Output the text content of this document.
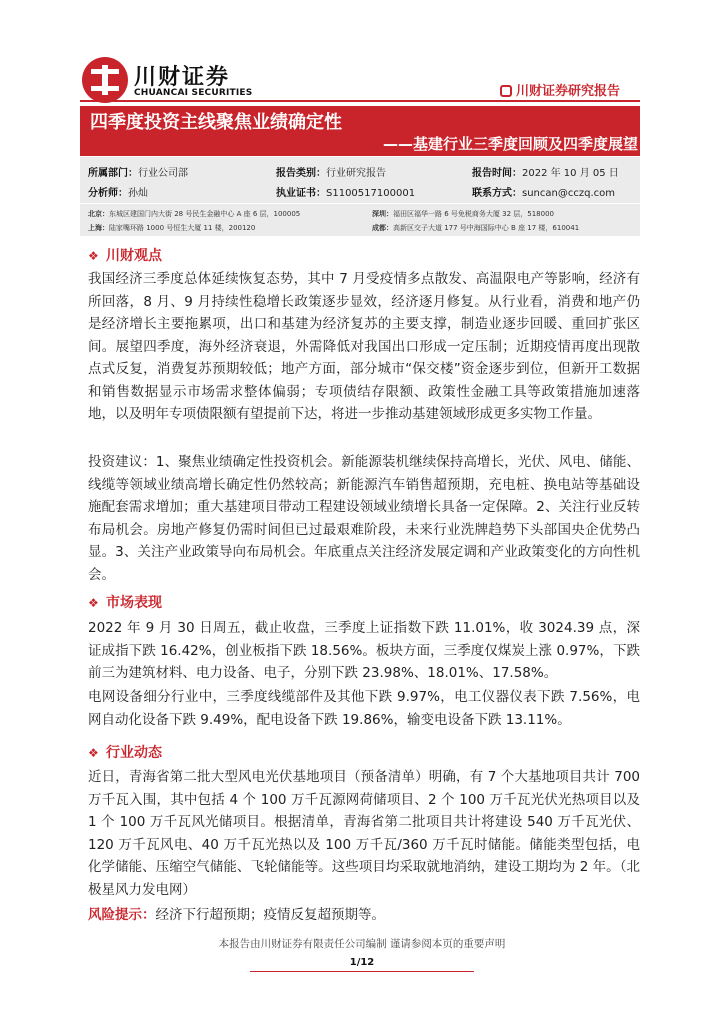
川财证券
CHUANCAI SECURITIES	川财证券研究报告
四季度投资主线聚焦业绩确定性
——基建行业三季度回顾及四季度展望
所属部门：行业公司部	报告类别：行业研究报告	报告时间：2022 年 10 月 05 日
分析师：孙灿	执业证书：S1100517100001	联系方式：suncan@cczq.com
北京：东城区建国门内大街 28 号民生金融中心 A 座 6 层，100005	深圳：福田区福华一路 6 号免税商务大厦 32 层，518000
上海：陆家嘴环路 1000 号恒生大厦 11 楼，200120	成都：高新区交子大道 177 号中海国际中心 B 座 17 楼，610041
❖ 川财观点
我国经济三季度总体延续恢复态势，其中 7 月受疫情多点散发、高温限电产等影响，经济有所回落，8 月、9 月持续性稳增长政策逐步显效，经济逐月修复。从行业看，消费和地产仍是经济增长主要拖累项，出口和基建为经济复苏的主要支撑，制造业逐步回暖、重回扩张区间。展望四季度，海外经济衰退，外需降低对我国出口形成一定压制；近期疫情再度出现散点式反复，消费复苏预期较低；地产方面，部分城市“保交楼”资金逐步到位，但新开工数据和销售数据显示市场需求整体偏弱；专项债结存限额、政策性金融工具等政策措施加速落地，以及明年专项债限额有望提前下达，将进一步推动基建领域形成更多实物工作量。
投资建议：1、聚焦业绩确定性投资机会。新能源装机继续保持高增长，光伏、风电、储能、线缆等领域业绩高增长确定性仍然较高；新能源汽车销售超预期，充电桩、换电站等基础设施配套需求增加；重大基建项目带动工程建设领域业绩增长具备一定保障。2、关注行业反转布局机会。房地产修复仍需时间但已过最艰难阶段，未来行业洗牌趋势下头部国央企优势凸显。3、关注产业政策导向布局机会。年底重点关注经济发展定调和产业政策变化的方向性机会。
❖ 市场表现
2022 年 9 月 30 日周五，截止收盘，三季度上证指数下跌 11.01%，收 3024.39 点，深证成指下跌 16.42%，创业板指下跌 18.56%。板块方面，三季度仅煤炭上涨 0.97%，下跌前三为建筑材料、电力设备、电子，分别下跌 23.98%、18.01%、17.58%。
电网设备细分行业中，三季度线缆部件及其他下跌 9.97%，电工仪器仪表下跌 7.56%，电网自动化设备下跌 9.49%，配电设备下跌 19.86%，输变电设备下跌 13.11%。
❖ 行业动态
近日，青海省第二批大型风电光伏基地项目（预备清单）明确，有 7 个大基地项目共计 700 万千瓦入围，其中包括 4 个 100 万千瓦源网荷储项目、2 个 100 万千瓦光伏光热项目以及 1 个 100 万千瓦风光储项目。根据清单，青海省第二批项目共计将建设 540 万千瓦光伏、120 万千瓦风电、40 万千瓦光热以及 100 万千瓦/360 万千瓦时储能。储能类型包括，电化学储能、压缩空气储能、飞轮储能等。这些项目均采取就地消纳，建设工期均为 2 年。（北极星风力发电网）
风险提示：经济下行超预期；疫情反复超预期等。
本报告由川财证券有限责任公司编制 谨请参阅本页的重要声明
1/12
